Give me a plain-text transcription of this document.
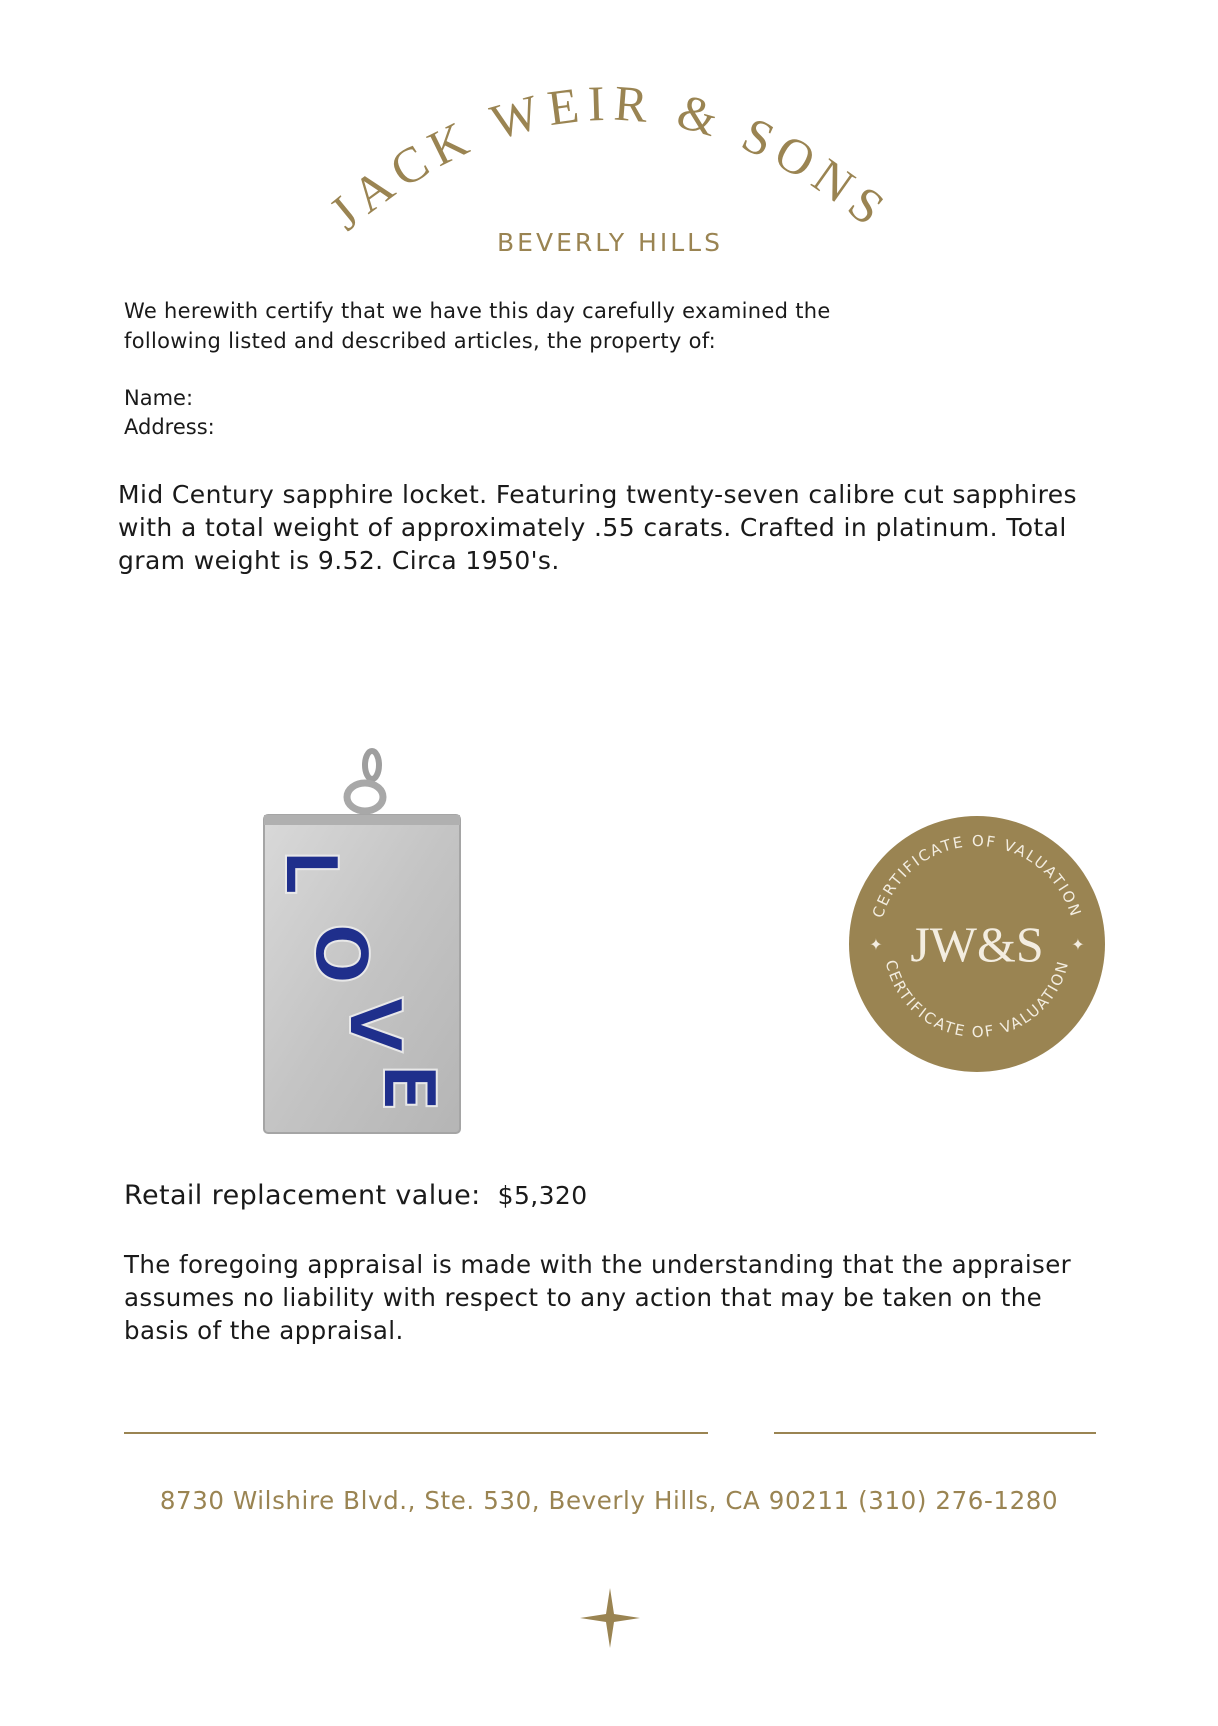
JACK WEIR & SONS
BEVERLY HILLS
We herewith certify that we have this day carefully examined the following listed and described articles, the property of:
Name:
Address:
Mid Century sapphire locket. Featuring twenty-seven calibre cut sapphires with a total weight of approximately .55 carats. Crafted in platinum. Total gram weight is 9.52. Circa 1950's.
L
O
V
E
CERTIFICATE OF VALUATION
CERTIFICATE OF VALUATION
JW&S
✦	✦
Retail replacement value: $5,320
The foregoing appraisal is made with the understanding that the appraiser assumes no liability with respect to any action that may be taken on the basis of the appraisal.
8730 Wilshire Blvd., Ste. 530, Beverly Hills, CA 90211 (310) 276-1280
